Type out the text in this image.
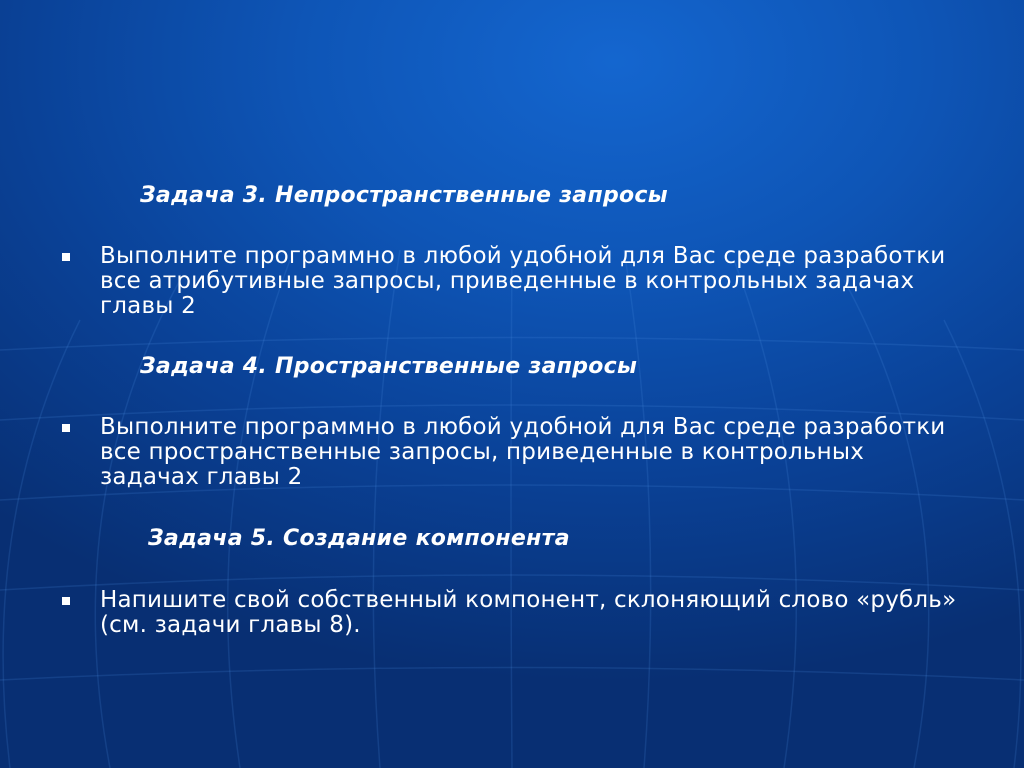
Задача 3. Непространственные запросы
Выполните программно в любой удобной для Вас среде разработки все атрибутивные запросы, приведенные в контрольных задачах главы 2
Задача 4. Пространственные запросы
Выполните программно в любой удобной для Вас среде разработки все пространственные запросы, приведенные в контрольных задачах главы 2
Задача 5. Создание компонента
Напишите свой собственный компонент, склоняющий слово «рубль» (см. задачи главы 8).
